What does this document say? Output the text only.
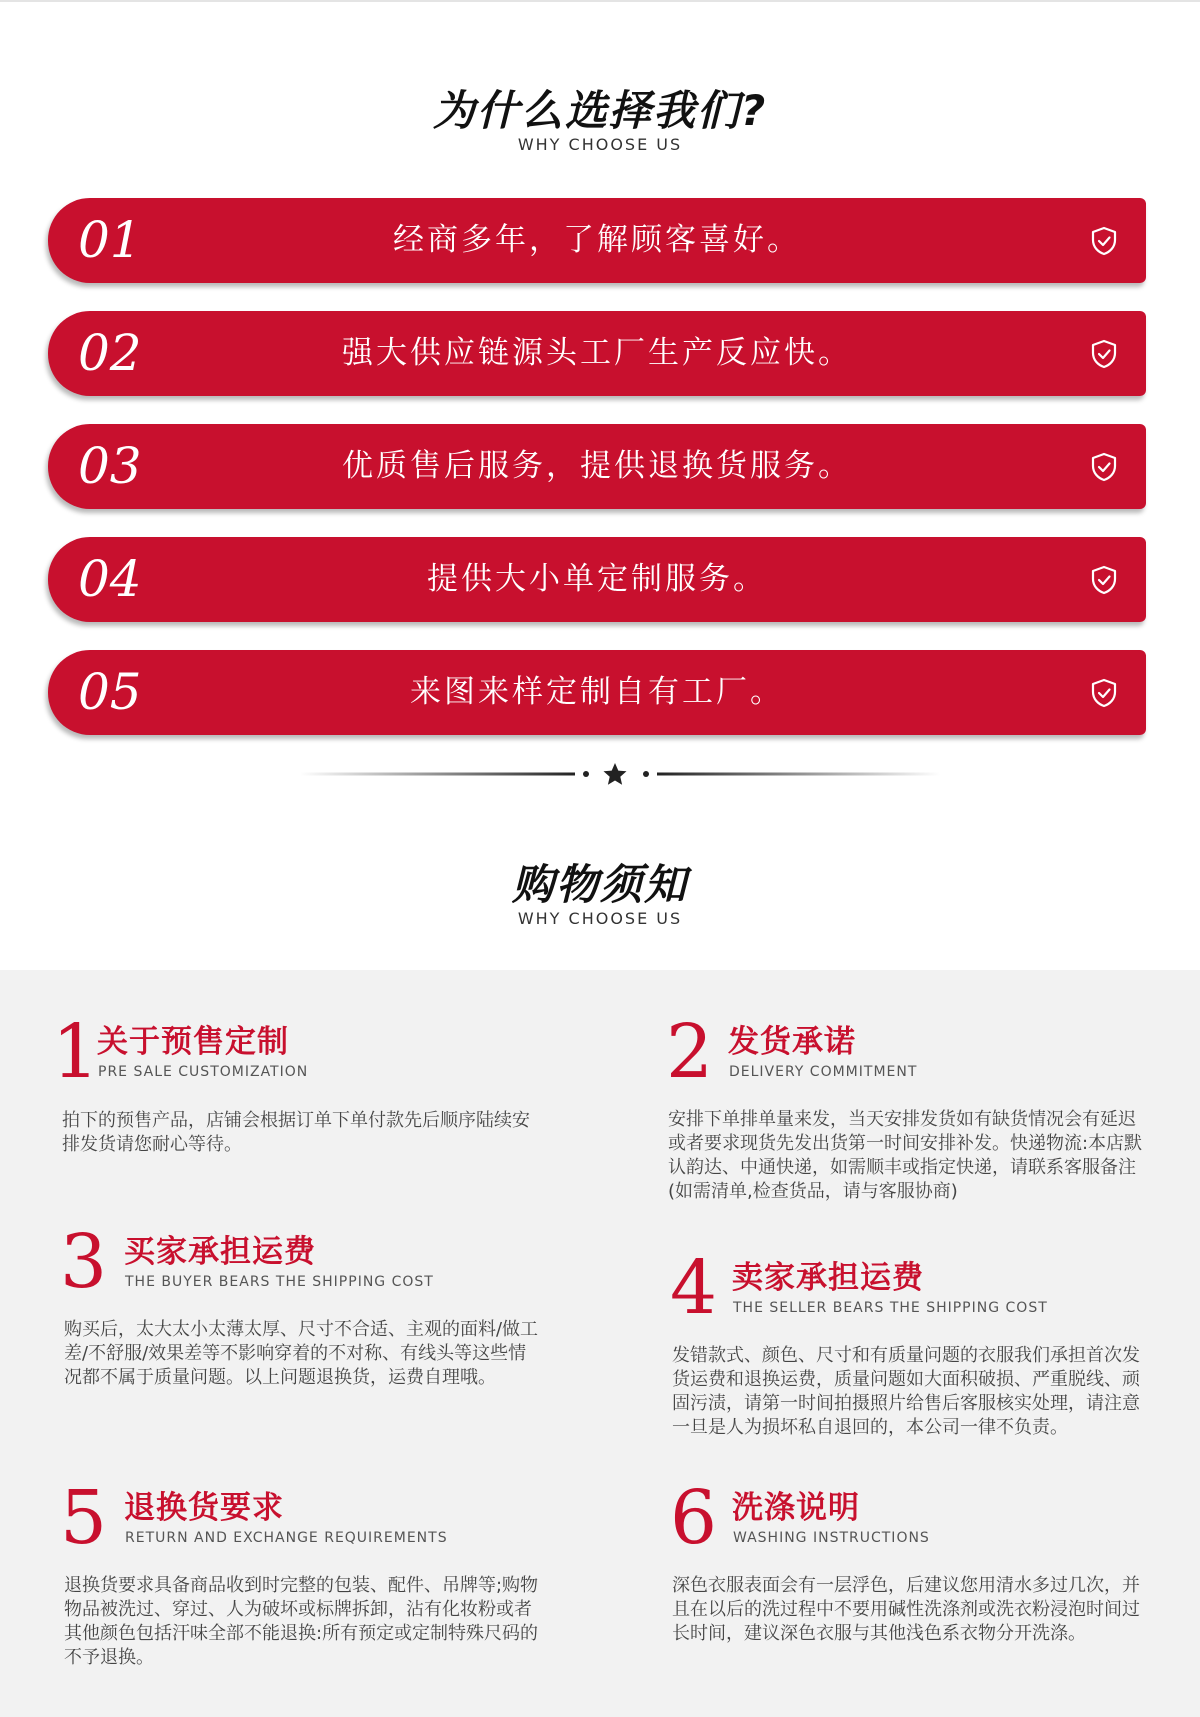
为什么选择我们?
WHY CHOOSE US
01	经商多年，了解顾客喜好。
02	强大供应链源头工厂生产反应快。
03	优质售后服务，提供退换货服务。
04	提供大小单定制服务。
05	来图来样定制自有工厂。
购物须知
WHY CHOOSE US
1
关于预售定制
PRE SALE CUSTOMIZATION
拍下的预售产品，店铺会根据订单下单付款先后顺序陆续安排发货请您耐心等待。
2 发货承诺
DELIVERY COMMITMENT
安排下单排单量来发，当天安排发货如有缺货情况会有延迟或者要求现货先发出货第一时间安排补发。快递物流:本店默认韵达、中通快递，如需顺丰或指定快递，请联系客服备注(如需清单,检查货品，请与客服协商)
3 买家承担运费
THE BUYER BEARS THE SHIPPING COST
购买后，太大太小太薄太厚、尺寸不合适、主观的面料/做工差/不舒服/效果差等不影响穿着的不对称、有线头等这些情况都不属于质量问题。以上问题退换货，运费自理哦。
4 卖家承担运费
THE SELLER BEARS THE SHIPPING COST
发错款式、颜色、尺寸和有质量问题的衣服我们承担首次发货运费和退换运费，质量问题如大面积破损、严重脱线、顽固污渍，请第一时间拍摄照片给售后客服核实处理，请注意一旦是人为损坏私自退回的，本公司一律不负责。
5 退换货要求
RETURN AND EXCHANGE REQUIREMENTS
退换货要求具备商品收到时完整的包装、配件、吊牌等;购物物品被洗过、穿过、人为破坏或标牌拆卸，沾有化妆粉或者其他颜色包括汗味全部不能退换:所有预定或定制特殊尺码的不予退换。
6 洗涤说明
WASHING INSTRUCTIONS
深色衣服表面会有一层浮色，后建议您用清水多过几次，并且在以后的洗过程中不要用碱性洗涤剂或洗衣粉浸泡时间过长时间，建议深色衣服与其他浅色系衣物分开洗涤。
